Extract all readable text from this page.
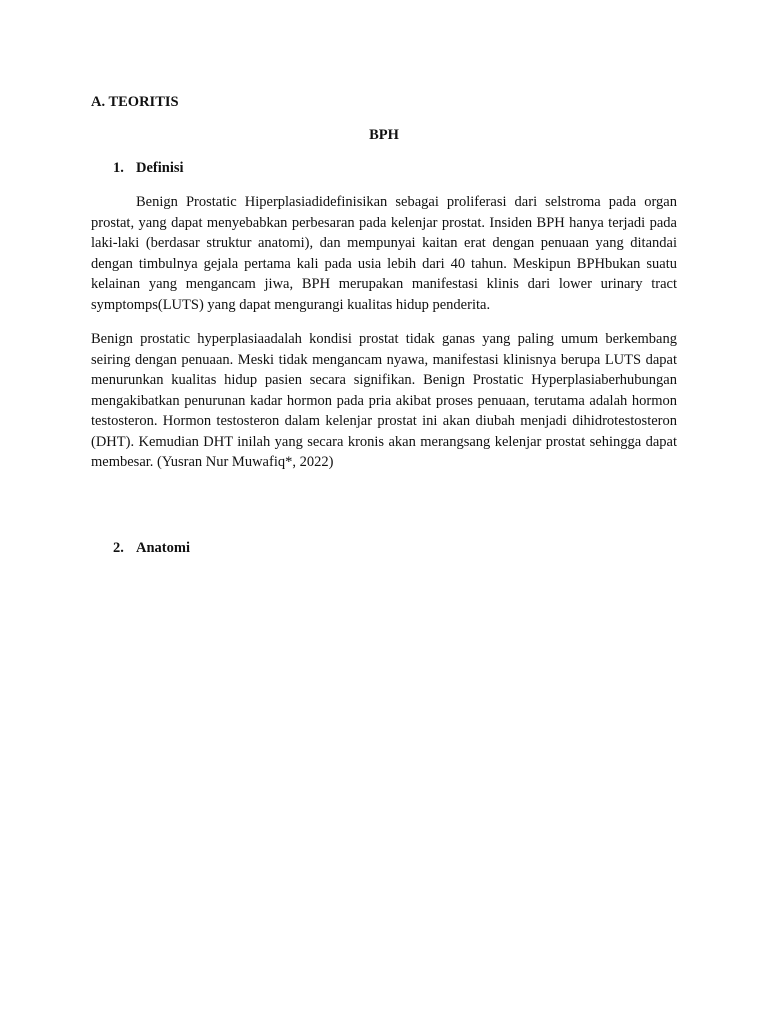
A. TEORITIS

BPH

1. Definisi

Benign Prostatic Hiperplasiadidefinisikan sebagai proliferasi dari selstroma pada organ prostat, yang dapat menyebabkan perbesaran pada kelenjar prostat. Insiden BPH hanya terjadi pada laki-laki (berdasar struktur anatomi), dan mempunyai kaitan erat dengan penuaan yang ditandai dengan timbulnya gejala pertama kali pada usia lebih dari 40 tahun. Meskipun BPHbukan suatu kelainan yang mengancam jiwa, BPH merupakan manifestasi klinis dari lower urinary tract symptomps(LUTS) yang dapat mengurangi kualitas hidup penderita.

Benign prostatic hyperplasiaadalah kondisi prostat tidak ganas yang paling umum berkembang seiring dengan penuaan. Meski tidak mengancam nyawa, manifestasi klinisnya berupa LUTS dapat menurunkan kualitas hidup pasien secara signifikan. Benign Prostatic Hyperplasiaberhubungan mengakibatkan penurunan kadar hormon pada pria akibat proses penuaan, terutama adalah hormon testosteron. Hormon testosteron dalam kelenjar prostat ini akan diubah menjadi dihidrotestosteron (DHT). Kemudian DHT inilah yang secara kronis akan merangsang kelenjar prostat sehingga dapat membesar. (Yusran Nur Muwafiq*, 2022)

2. Anatomi
